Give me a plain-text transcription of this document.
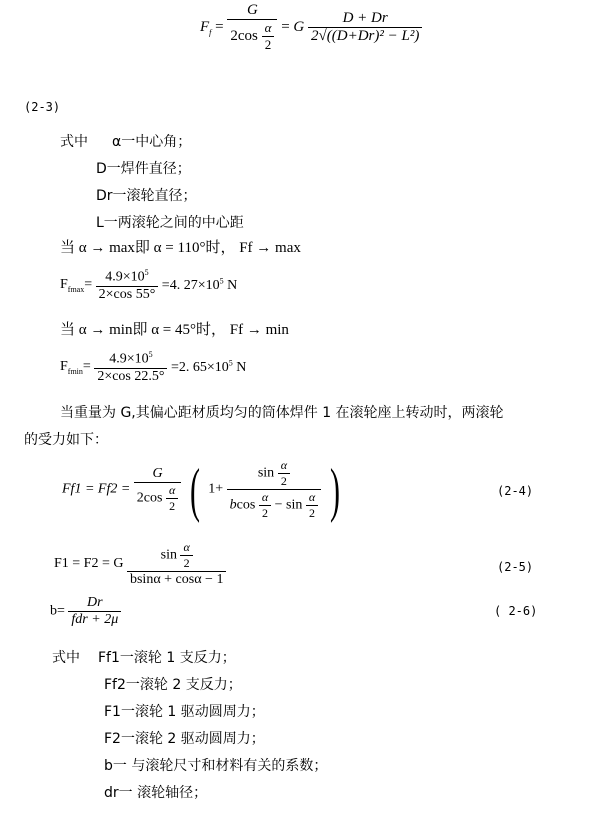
$F_f = \frac{G}{2\cos \frac{\alpha}{2}} = G \frac{D + Dr}{\text{2√((D+Dr)² − L²)}}$
(2-3)
式中 α一中心角；
D一焊件直径；
Dr一滚轮直径；
L一两滚轮之间的中心距
当 α → max即 α = 110°时， Ff → max
$F_{fmax}= \frac{4.9\times 10^5}{2\times\cos 55^\circ} =4$. $27\times 10^5$ N
当 α → min即 α = 45°时， Ff → min
$F_{fmin}= \frac{4.9\times 10^5}{2\times\cos 22.5^\circ} =2$. $65\times 10^5$ N
当重量为 G,其偏心距材质均匀的筒体焊件 1 在滚轮座上转动时，两滚轮
的受力如下：
$Ff1 = Ff2 = \frac{G}{2\cos \frac{\alpha}{2}}$ ( $1+ \frac{\sin \frac{\alpha}{2}}{bcos \frac{\alpha}{2} - \sin \frac{\alpha}{2}}$ )	(2-4)
F1 = F2 = G $\frac{\sin \frac{\alpha}{2}}{bsin\alpha + \cos\alpha - 1}$	(2-5)
$b= \frac{Dr}{\text{fdr + 2μ}}$	( 2-6)
式中 Ff1一滚轮 1 支反力；
Ff2一滚轮 2 支反力；
F1一滚轮 1 驱动圆周力；
F2一滚轮 2 驱动圆周力；
b一 与滚轮尺寸和材料有关的系数；
dr一 滚轮轴径；
